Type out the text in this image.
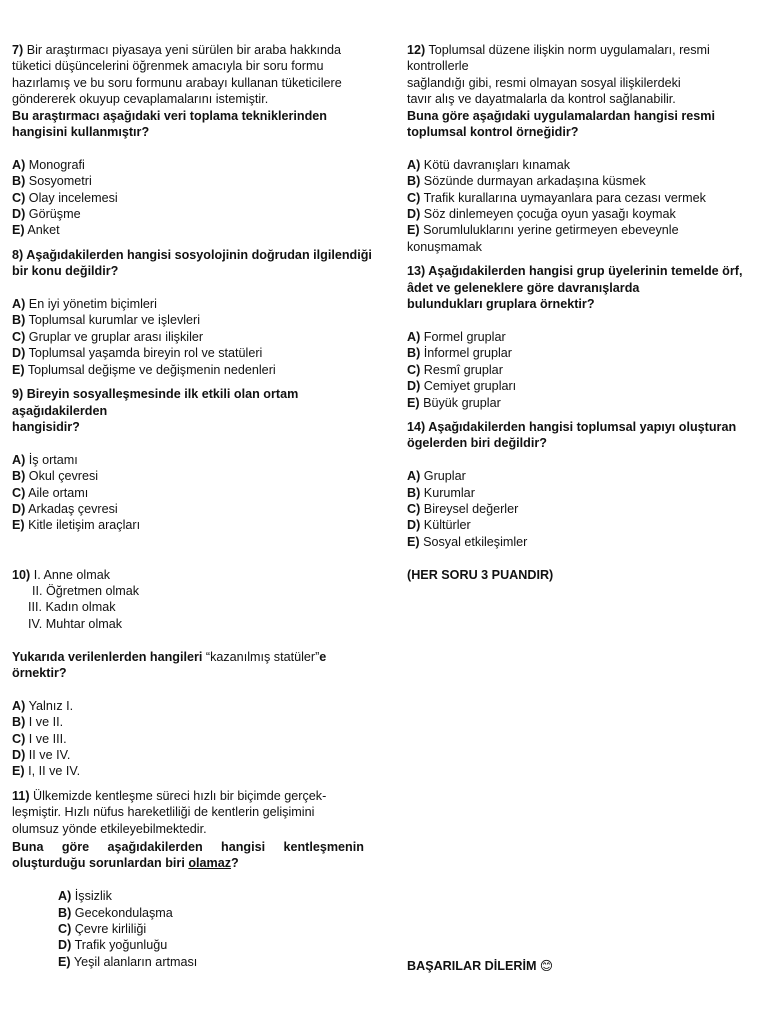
7) Bir araştırmacı piyasaya yeni sürülen bir araba hakkında
tüketici düşüncelerini öğrenmek amacıyla bir soru formu
hazırlamış ve bu soru formunu arabayı kullanan tüketicilere
göndererek okuyup cevaplamalarını istemiştir.
Bu araştırmacı aşağıdaki veri toplama tekniklerinden
hangisini kullanmıştır?
A) Monografi
B) Sosyometri
C) Olay incelemesi
D) Görüşme
E) Anket
8) Aşağıdakilerden hangisi sosyolojinin doğrudan ilgilendiği
bir konu değildir?
A) En iyi yönetim biçimleri
B) Toplumsal kurumlar ve işlevleri
C) Gruplar ve gruplar arası ilişkiler
D) Toplumsal yaşamda bireyin rol ve statüleri
E) Toplumsal değişme ve değişmenin nedenleri
9) Bireyin sosyalleşmesinde ilk etkili olan ortam
aşağıdakilerden
hangisidir?
A) İş ortamı
B) Okul çevresi
C) Aile ortamı
D) Arkadaş çevresi
E) Kitle iletişim araçları
10) I. Anne olmak
II. Öğretmen olmak
III. Kadın olmak
IV. Muhtar olmak
Yukarıda verilenlerden hangileri “kazanılmış statüler”e
örnektir?
A) Yalnız I.
B) I ve II.
C) I ve III.
D) II ve IV.
E) I, II ve IV.
11) Ülkemizde kentleşme süreci hızlı bir biçimde gerçek-
leşmiştir. Hızlı nüfus hareketliliği de kentlerin gelişimini
olumsuz yönde etkileyebilmektedir.
Buna göre aşağıdakilerden hangisi kentleşmenin
oluşturduğu sorunlardan biri olamaz?
A) İşsizlik
B) Gecekondulaşma
C) Çevre kirliliği
D) Trafik yoğunluğu
E) Yeşil alanların artması
12) Toplumsal düzene ilişkin norm uygulamaları, resmi
kontrollerle
sağlandığı gibi, resmi olmayan sosyal ilişkilerdeki
tavır alış ve dayatmalarla da kontrol sağlanabilir.
Buna göre aşağıdaki uygulamalardan hangisi resmi
toplumsal kontrol örneğidir?
A) Kötü davranışları kınamak
B) Sözünde durmayan arkadaşına küsmek
C) Trafik kurallarına uymayanlara para cezası vermek
D) Söz dinlemeyen çocuğa oyun yasağı koymak
E) Sorumluluklarını yerine getirmeyen ebeveynle
konuşmamak
13) Aşağıdakilerden hangisi grup üyelerinin temelde örf,
âdet ve geleneklere göre davranışlarda
bulundukları gruplara örnektir?
A) Formel gruplar
B) İnformel gruplar
C) Resmî gruplar
D) Cemiyet grupları
E) Büyük gruplar
14) Aşağıdakilerden hangisi toplumsal yapıyı oluşturan
ögelerden biri değildir?
A) Gruplar
B) Kurumlar
C) Bireysel değerler
D) Kültürler
E) Sosyal etkileşimler
(HER SORU 3 PUANDIR)
BAŞARILAR DİLERİM 😊
